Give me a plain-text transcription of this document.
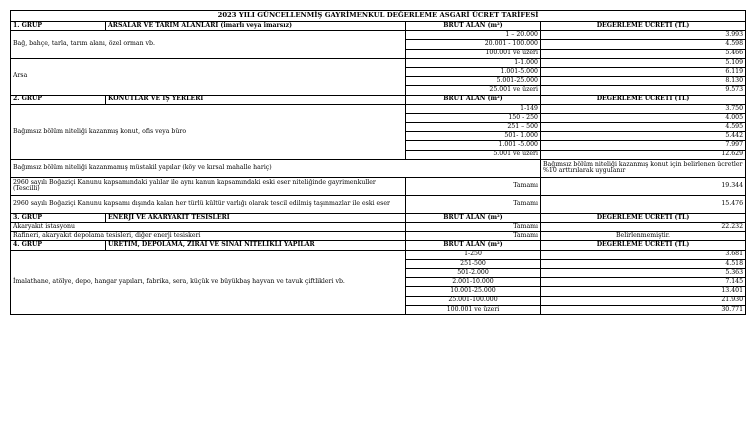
2023 YILI GÜNCELLENMİŞ GAYRİMENKUL DEĞERLEME ASGARİ ÜCRET TARİFESİ			
1. GRUP	ARSALAR VE TARIM ALANLARI (imarlı veya imarsız)	BRÜT ALAN (m²)	DEĞERLEME ÜCRETİ (TL)
Bağ, bahçe, tarla, tarım alanı, özel orman vb.		1 – 20.000	3.993
		20.001 - 100.000	4.598
		100.001 ve üzeri	5.466
Arsa		1-1.000	5.109
		1.001-5.000	6.119
		5.001-25.000	8.130
		25.001 ve üzeri	9.573
2. GRUP	KONUTLAR VE İŞ YERLERİ	BRÜT ALAN (m²)	DEĞERLEME ÜCRETİ (TL)
Bağımsız bölüm niteliği kazanmış konut, ofis veya büro		1-149	3.750
		150 - 250	4.005
		251 – 500	4.595
		501- 1.000	5.442
		1.001 -5.000	7.997
		5.001 ve üzeri	12.629
Bağımsız bölüm niteliği kazanmamış müstakil yapılar (köy ve kırsal mahalle hariç)			Bağımsız bölüm niteliği kazanmış konut için belirlenen ücretler %10 arttırılarak uygulanır
2960 sayılı Boğaziçi Kanunu kapsamındaki yalılar ile aynı kanun kapsamındaki eski eser niteliğinde gayrimenkuller (Tescilli)		Tamamı	19.344
2960 sayılı Boğaziçi Kanunu kapsamı dışında kalan her türlü kültür varlığı olarak tescil edilmiş taşınmazlar ile eski eser		Tamamı	15.476
3. GRUP	ENERJİ VE AKARYAKIT TESİSLERİ	BRÜT ALAN (m²)	DEĞERLEME ÜCRETİ (TL)
Akaryakıt istasyonu		Tamamı	22.232
Rafineri, akaryakıt depolama tesisleri, diğer enerji tesiskeri		Tamamı	Belirlenmemiştir.
4. GRUP	ÜRETİM, DEPOLAMA, ZİRAİ VE SINAİ NİTELİKLİ YAPILAR	BRÜT ALAN (m²)	DEĞERLEME ÜCRETİ (TL)
İmalathane, atölye, depo, hangar yapıları, fabrika, sera, küçük ve büyükbaş hayvan ve tavuk çiftlikleri vb.		1-250	3.681
		251-500	4.518
		501-2.000	5.363
		2.001-10.000	7.145
		10.001-25.000	13.401
		25.001-100.000	21.930
		100.001 ve üzeri	30.771
